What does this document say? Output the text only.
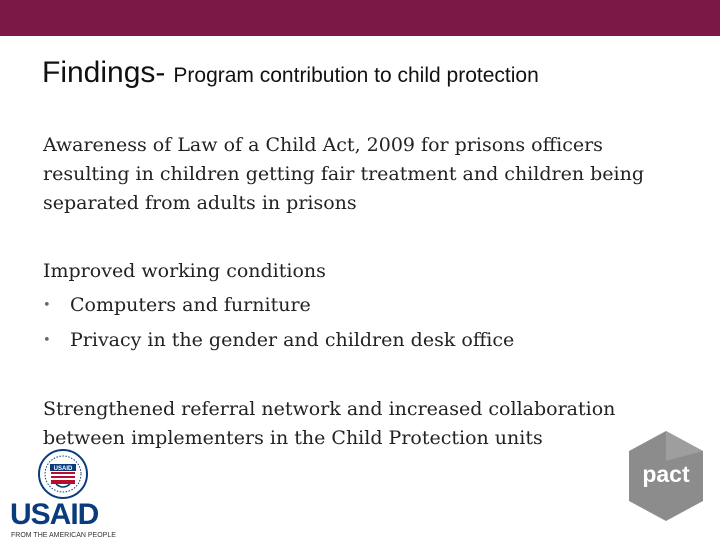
Findings- Program contribution to child protection

Awareness of Law of a Child Act, 2009 for prisons officers resulting in children getting fair treatment and children being separated from adults in prisons

Improved working conditions

• Computers and furniture
• Privacy in the gender and children desk office

Strengthened referral network and increased collaboration between implementers in the Child Protection units

USAID
USAID
FROM THE AMERICAN PEOPLE
pact
